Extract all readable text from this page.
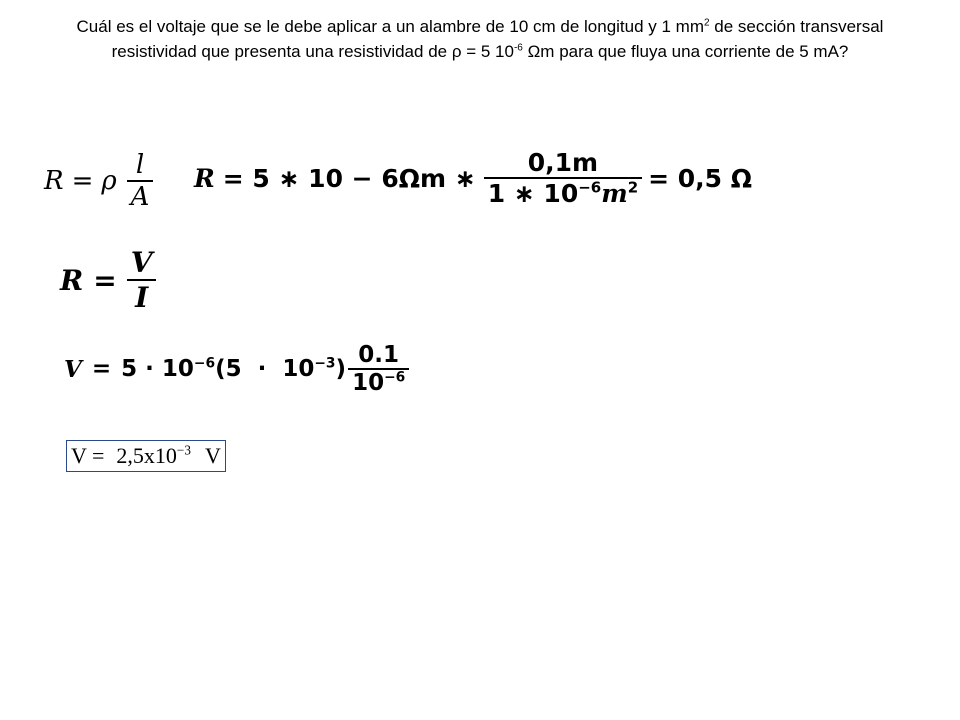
Cuál es el voltaje que se le debe aplicar a un alambre de 10 cm de longitud y 1 $mm^2$ de sección transversal resistividad que presenta una resistividad de ρ = 5 $10^{-6}$ Ωm para que fluya una corriente de 5 mA?
R = ρ $\frac{l}{A}$ R = 5 ∗ 10 − 6Ωm ∗ $\frac{0,1m}{1 ∗ 10^{-6}m^2} = 0,5$ Ω
$R = \frac{V}{I}$
$V = 5 \cdot 10^{-6}$ $(5 \cdot 10^{-3}) \frac{0.1}{10^{-6}}$
$V = 2,5x10^{-3}$ V
